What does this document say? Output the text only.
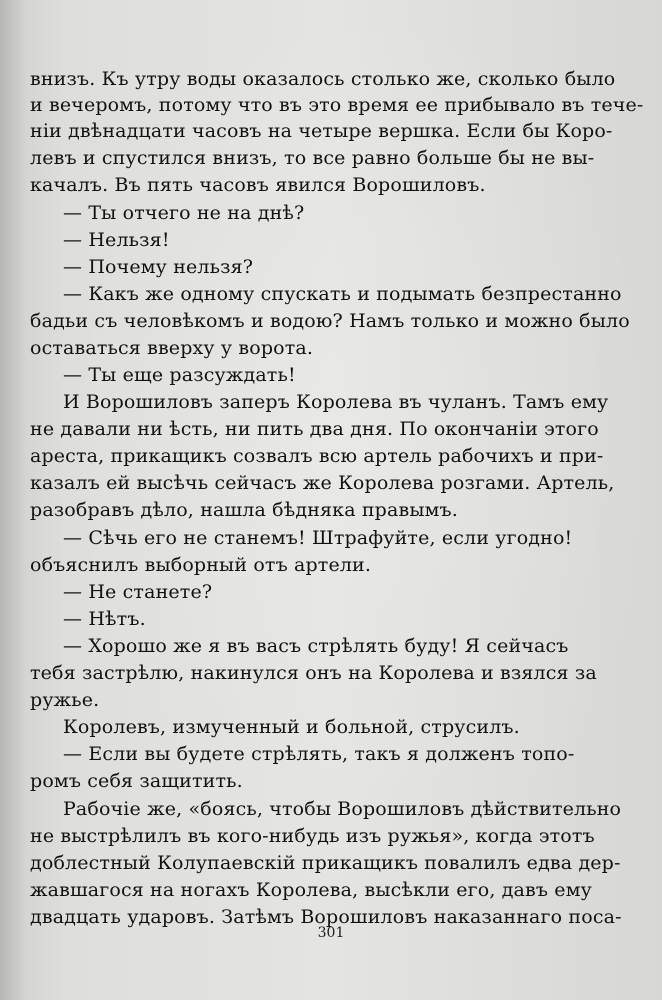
внизъ. Къ утру воды оказалось столько же, сколько было
и вечеромъ, потому что въ это время ее прибывало въ тече-
нiи двѣнадцати часовъ на четыре вершка. Если бы Коро-
левъ и спустился внизъ, то все равно больше бы не вы-
качалъ. Въ пять часовъ явился Ворошиловъ.
— Ты отчего не на днѣ?
— Нельзя!
— Почему нельзя?
— Какъ же одному спускать и подымать безпрестанно
бадьи съ человѣкомъ и водою? Намъ только и можно было
оставаться вверху у ворота.
— Ты еще разсуждать!
И Ворошиловъ заперъ Королева въ чуланъ. Тамъ ему
не давали ни ѣсть, ни пить два дня. По окончанiи этого
ареста, прикащикъ созвалъ всю артель рабочихъ и при-
казалъ ей высѣчь сейчасъ же Королева розгами. Артель,
разобравъ дѣло, нашла бѣдняка правымъ.
— Сѣчь его не станемъ! Штрафуйте, если угодно!
объяснилъ выборный отъ артели.
— Не станете?
— Нѣтъ.
— Хорошо же я въ васъ стрѣлять буду! Я сейчасъ
тебя застрѣлю, накинулся онъ на Королева и взялся за
ружье.
Королевъ, измученный и больной, струсилъ.
— Если вы будете стрѣлять, такъ я долженъ топо-
ромъ себя защитить.
Рабочiе же, «боясь, чтобы Ворошиловъ дѣйствительно
не выстрѣлилъ въ кого-нибудь изъ ружья», когда этотъ
доблестный Колупаевскiй прикащикъ повалилъ едва дер-
жавшагося на ногахъ Королева, высѣкли его, давъ ему
двадцать ударовъ. Затѣмъ Ворошиловъ наказаннаго поса-
301
